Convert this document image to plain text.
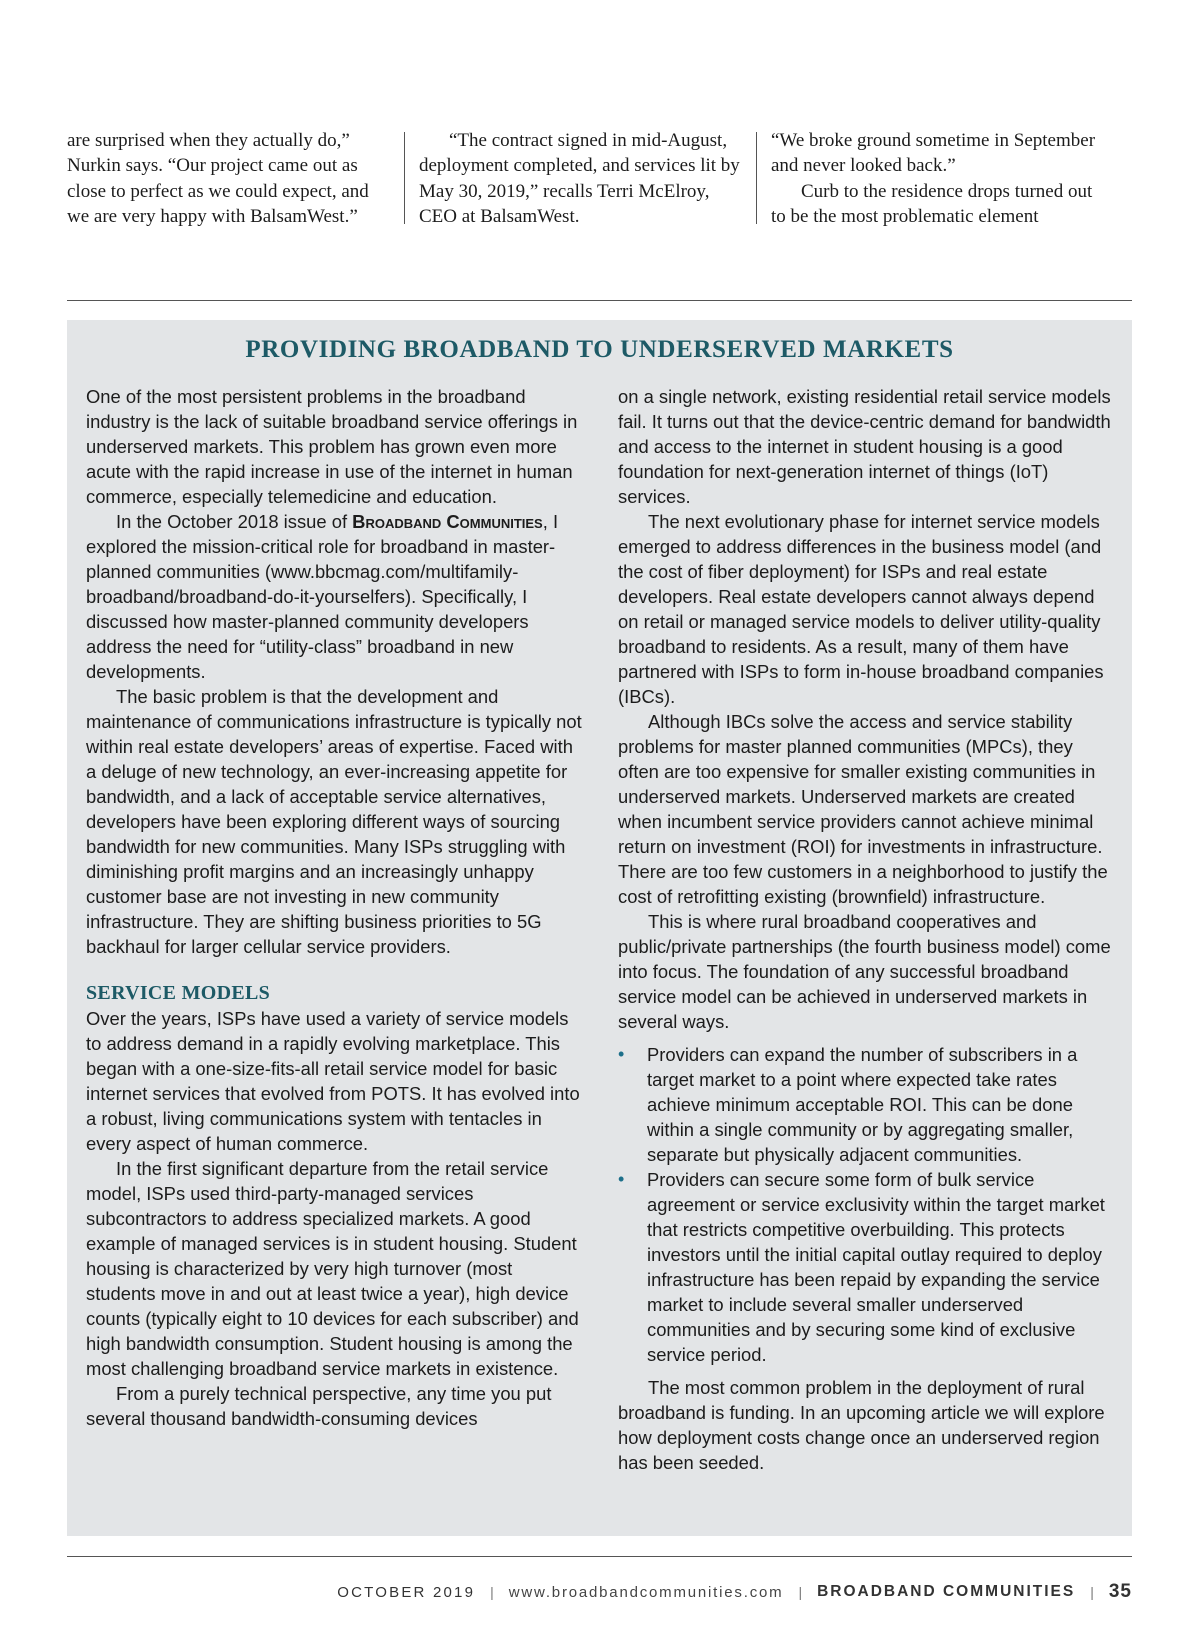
are surprised when they actually do,” Nurkin says. “Our project came out as close to perfect as we could expect, and we are very happy with BalsamWest.”

“The contract signed in mid-August, deployment completed, and services lit by May 30, 2019,” recalls Terri McElroy, CEO at BalsamWest.

“We broke ground sometime in September and never looked back.”

Curb to the residence drops turned out to be the most problematic element

PROVIDING BROADBAND TO UNDERSERVED MARKETS

One of the most persistent problems in the broadband industry is the lack of suitable broadband service offerings in underserved markets. This problem has grown even more acute with the rapid increase in use of the internet in human commerce, especially telemedicine and education.

In the October 2018 issue of Broadband Communities, I explored the mission-critical role for broadband in master-planned communities (www.bbcmag.com/multifamily-broadband/broadband-do-it-yourselfers). Specifically, I discussed how master-planned community developers address the need for “utility-class” broadband in new developments.

The basic problem is that the development and maintenance of communications infrastructure is typically not within real estate developers’ areas of expertise. Faced with a deluge of new technology, an ever-increasing appetite for bandwidth, and a lack of acceptable service alternatives, developers have been exploring different ways of sourcing bandwidth for new communities. Many ISPs struggling with diminishing profit margins and an increasingly unhappy customer base are not investing in new community infrastructure. They are shifting business priorities to 5G backhaul for larger cellular service providers.

SERVICE MODELS

Over the years, ISPs have used a variety of service models to address demand in a rapidly evolving marketplace. This began with a one-size-fits-all retail service model for basic internet services that evolved from POTS. It has evolved into a robust, living communications system with tentacles in every aspect of human commerce.

In the first significant departure from the retail service model, ISPs used third-party-managed services subcontractors to address specialized markets. A good example of managed services is in student housing. Student housing is characterized by very high turnover (most students move in and out at least twice a year), high device counts (typically eight to 10 devices for each subscriber) and high bandwidth consumption. Student housing is among the most challenging broadband service markets in existence.

From a purely technical perspective, any time you put several thousand bandwidth-consuming devices

on a single network, existing residential retail service models fail. It turns out that the device-centric demand for bandwidth and access to the internet in student housing is a good foundation for next-generation internet of things (IoT) services.

The next evolutionary phase for internet service models emerged to address differences in the business model (and the cost of fiber deployment) for ISPs and real estate developers. Real estate developers cannot always depend on retail or managed service models to deliver utility-quality broadband to residents. As a result, many of them have partnered with ISPs to form in-house broadband companies (IBCs).

Although IBCs solve the access and service stability problems for master planned communities (MPCs), they often are too expensive for smaller existing communities in underserved markets. Underserved markets are created when incumbent service providers cannot achieve minimal return on investment (ROI) for investments in infrastructure. There are too few customers in a neighborhood to justify the cost of retrofitting existing (brownfield) infrastructure.

This is where rural broadband cooperatives and public/private partnerships (the fourth business model) come into focus. The foundation of any successful broadband service model can be achieved in underserved markets in several ways.

• Providers can expand the number of subscribers in a target market to a point where expected take rates achieve minimum acceptable ROI. This can be done within a single community or by aggregating smaller, separate but physically adjacent communities.
• Providers can secure some form of bulk service agreement or service exclusivity within the target market that restricts competitive overbuilding. This protects investors until the initial capital outlay required to deploy infrastructure has been repaid by expanding the service market to include several smaller underserved communities and by securing some kind of exclusive service period.

The most common problem in the deployment of rural broadband is funding. In an upcoming article we will explore how deployment costs change once an underserved region has been seeded.

OCTOBER 2019 | www.broadbandcommunities.com | BROADBAND COMMUNITIES | 35
